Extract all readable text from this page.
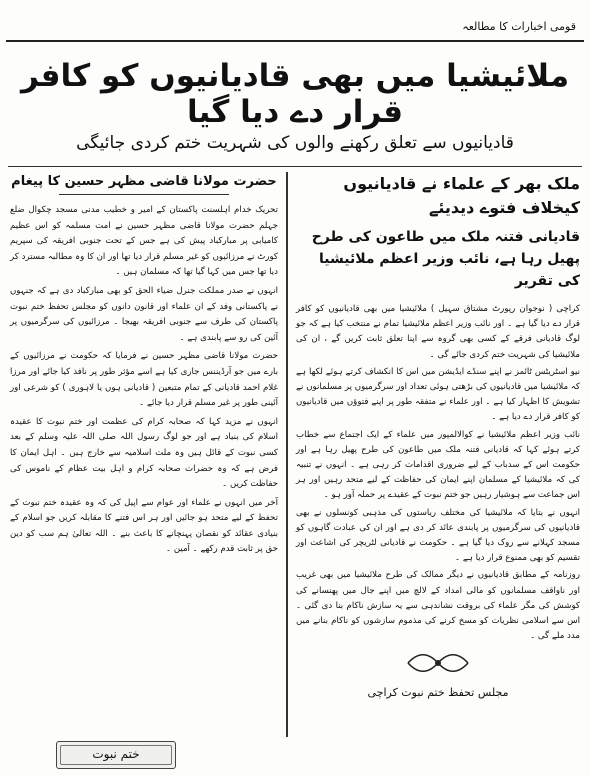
قومی اخبارات کا مطالعہ
ملائیشیا میں بھی قادیانیوں کو کافر قرار دے دیا گیا
قادیانیوں سے تعلق رکھنے والوں کی شہریت ختم کردی جائیگی
ملک بھر کے علماء نے قادیانیوں کیخلاف فتوے دیدیئے
قادیانی فتنہ ملک میں طاعون کی طرح پھیل رہا ہے، نائب وزیر اعظم ملائیشیا کی تقریر

کراچی ( نوجوان رپورٹ مشتاق سہیل ) ملائیشیا میں بھی قادیانیوں کو کافر قرار دے دیا گیا ہے ۔ اور نائب وزیر اعظم ملائیشیا تمام نے منتخب کیا ہے کہ جو لوگ قادیانی فرقے کے کسی بھی گروہ سے اپنا تعلق ثابت کریں گے ، ان کی ملائیشیا کی شہریت ختم کردی جائے گی ۔

نیو اسٹریٹس ٹائمز نے اپنے سنڈے ایڈیشن میں اس کا انکشاف کرتے ہوئے لکھا ہے کہ ملائیشیا میں قادیانیوں کی بڑھتی ہوئی تعداد اور سرگرمیوں پر مسلمانوں نے تشویش کا اظہار کیا ہے ۔ اور علماء نے متفقہ طور پر اپنے فتوؤں میں قادیانیوں کو کافر قرار دے دیا ہے ۔

نائب وزیر اعظم ملائیشیا نے کوالالمپور میں علماء کے ایک اجتماع سے خطاب کرتے ہوئے کہا کہ قادیانی فتنہ ملک میں طاعون کی طرح پھیل رہا ہے اور حکومت اس کے سدباب کے لیے ضروری اقدامات کر رہی ہے ۔ انہوں نے تنبیہ کی کہ ملائیشیا کے مسلمان اپنے ایمان کی حفاظت کے لیے متحد رہیں اور ہر اس جماعت سے ہوشیار رہیں جو ختم نبوت کے عقیدے پر حملہ آور ہو ۔

انہوں نے بتایا کہ ملائیشیا کی مختلف ریاستوں کی مذہبی کونسلوں نے بھی قادیانیوں کی سرگرمیوں پر پابندی عائد کر دی ہے اور ان کی عبادت گاہوں کو مسجد کہلانے سے روک دیا گیا ہے ۔ حکومت نے قادیانی لٹریچر کی اشاعت اور تقسیم کو بھی ممنوع قرار دیا ہے ۔

روزنامہ کے مطابق قادیانیوں نے دیگر ممالک کی طرح ملائیشیا میں بھی غریب اور ناواقف مسلمانوں کو مالی امداد کے لالچ میں اپنے جال میں پھنسانے کی کوشش کی مگر علماء کی بروقت نشاندہی سے یہ سازش ناکام بنا دی گئی ۔ اس سے اسلامی نظریات کو مسخ کرنے کی مذموم سازشوں کو ناکام بنانے میں مدد ملے گی ۔

مجلس تحفظ ختم نبوت کراچی
حضرت مولانا قاضی مظہر حسین کا پیغام

تحریک خدام اہلسنت پاکستان کے امیر و خطیب مدنی مسجد چکوال ضلع جہلم حضرت مولانا قاضی مظہر حسین نے امت مسلمہ کو اس عظیم کامیابی پر مبارکباد پیش کی ہے جس کے تحت جنوبی افریقہ کی سپریم کورٹ نے مرزائیوں کو غیر مسلم قرار دیا تھا اور ان کا وہ مطالبہ مسترد کر دیا تھا جس میں کہا گیا تھا کہ مسلمان ہیں ۔

انہوں نے صدر مملکت جنرل ضیاء الحق کو بھی مبارکباد دی ہے کہ جنہوں نے پاکستانی وفد کے ان علماء اور قانون دانوں کو مجلس تحفظ ختم نبوت پاکستان کی طرف سے جنوبی افریقہ بھیجا ۔ مرزائیوں کی سرگرمیوں پر آئین کی رو سے پابندی ہے ۔

حضرت مولانا قاضی مظہر حسین نے فرمایا کہ حکومت نے مرزائیوں کے بارے میں جو آرڈیننس جاری کیا ہے اسے مؤثر طور پر نافذ کیا جائے اور مرزا غلام احمد قادیانی کے تمام متبعین ( قادیانی ہوں یا لاہوری ) کو شرعی اور آئینی طور پر غیر مسلم قرار دیا جائے ۔

انہوں نے مزید کہا کہ صحابہ کرام کی عظمت اور ختم نبوت کا عقیدہ اسلام کی بنیاد ہے اور جو لوگ رسول اللہ صلی اللہ علیہ وسلم کے بعد کسی نبوت کے قائل ہیں وہ ملت اسلامیہ سے خارج ہیں ۔ اہل ایمان کا فرض ہے کہ وہ حضرات صحابہ کرام و اہل بیت عظام کے ناموس کی حفاظت کریں ۔

آخر میں انہوں نے علماء اور عوام سے اپیل کی کہ وہ عقیدہ ختم نبوت کے تحفظ کے لیے متحد ہو جائیں اور ہر اس فتنے کا مقابلہ کریں جو اسلام کے بنیادی عقائد کو نقصان پہنچانے کا باعث بنے ۔ اللہ تعالیٰ ہم سب کو دین حق پر ثابت قدم رکھے ۔ آمین ۔

ختم نبوت
